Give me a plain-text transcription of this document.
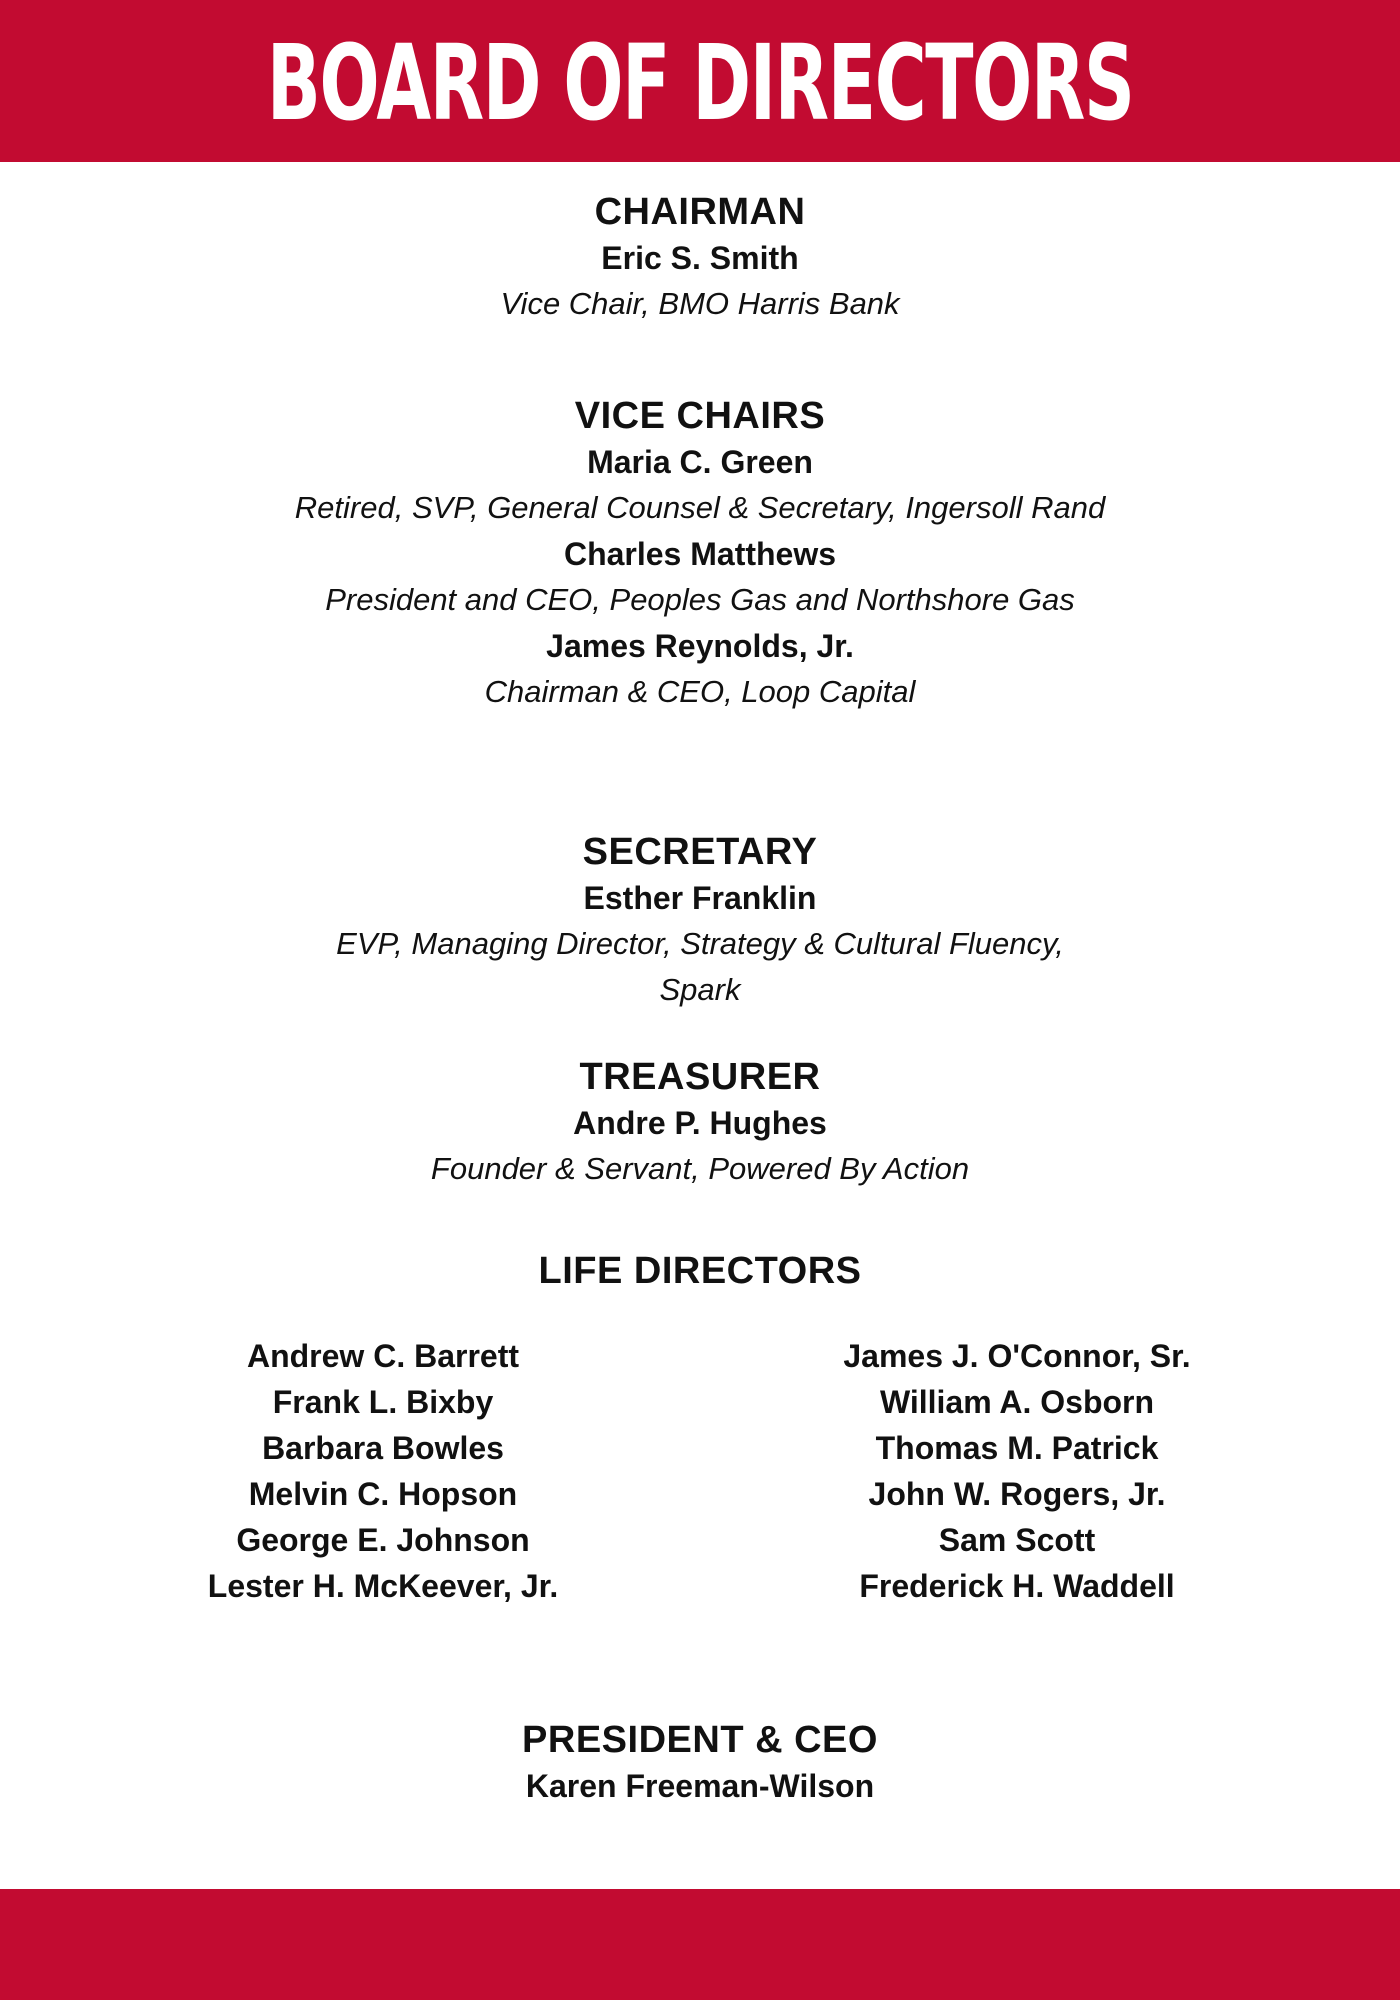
BOARD OF DIRECTORS
CHAIRMAN
Eric S. Smith
Vice Chair, BMO Harris Bank
VICE CHAIRS
Maria C. Green
Retired, SVP, General Counsel & Secretary, Ingersoll Rand
Charles Matthews
President and CEO, Peoples Gas and Northshore Gas
James Reynolds, Jr.
Chairman & CEO, Loop Capital
SECRETARY
Esther Franklin
EVP, Managing Director, Strategy & Cultural Fluency,
Spark
TREASURER
Andre P. Hughes
Founder & Servant, Powered By Action
LIFE DIRECTORS
Andrew C. Barrett
Frank L. Bixby
Barbara Bowles
Melvin C. Hopson
George E. Johnson
Lester H. McKeever, Jr.
James J. O'Connor, Sr.
William A. Osborn
Thomas M. Patrick
John W. Rogers, Jr.
Sam Scott
Frederick H. Waddell
PRESIDENT & CEO
Karen Freeman-Wilson
